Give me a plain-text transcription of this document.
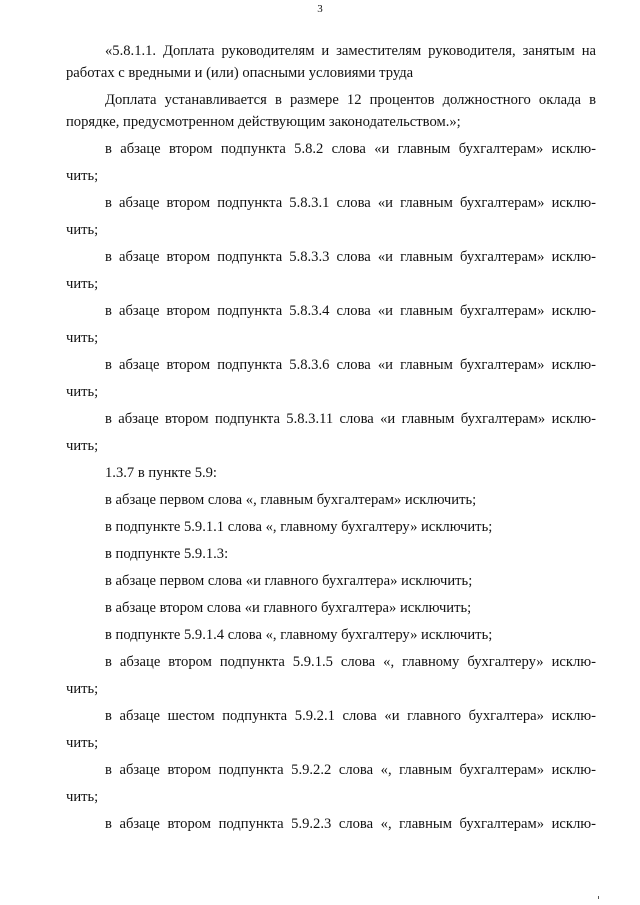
3
«5.8.1.1. Доплата руководителям и заместителям руководителя, занятым на
работах с вредными и (или) опасными условиями труда
Доплата устанавливается в размере 12 процентов должностного оклада в
порядке, предусмотренном действующим законодательством.»;
в абзаце втором подпункта 5.8.2 слова «и главным бухгалтерам» исклю-
чить;
в абзаце втором подпункта 5.8.3.1 слова «и главным бухгалтерам» исклю-
чить;
в абзаце втором подпункта 5.8.3.3 слова «и главным бухгалтерам» исклю-
чить;
в абзаце втором подпункта 5.8.3.4 слова «и главным бухгалтерам» исклю-
чить;
в абзаце втором подпункта 5.8.3.6 слова «и главным бухгалтерам» исклю-
чить;
в абзаце втором подпункта 5.8.3.11 слова «и главным бухгалтерам» исклю-
чить;
1.3.7 в пункте 5.9:
в абзаце первом слова «, главным бухгалтерам» исключить;
в подпункте 5.9.1.1 слова «, главному бухгалтеру» исключить;
в подпункте 5.9.1.3:
в абзаце первом слова «и главного бухгалтера» исключить;
в абзаце втором слова «и главного бухгалтера» исключить;
в подпункте 5.9.1.4 слова «, главному бухгалтеру» исключить;
в абзаце втором подпункта 5.9.1.5 слова «, главному бухгалтеру» исклю-
чить;
в абзаце шестом подпункта 5.9.2.1 слова «и главного бухгалтера» исклю-
чить;
в абзаце втором подпункта 5.9.2.2 слова «, главным бухгалтерам» исклю-
чить;
в абзаце втором подпункта 5.9.2.3 слова «, главным бухгалтерам» исклю-
